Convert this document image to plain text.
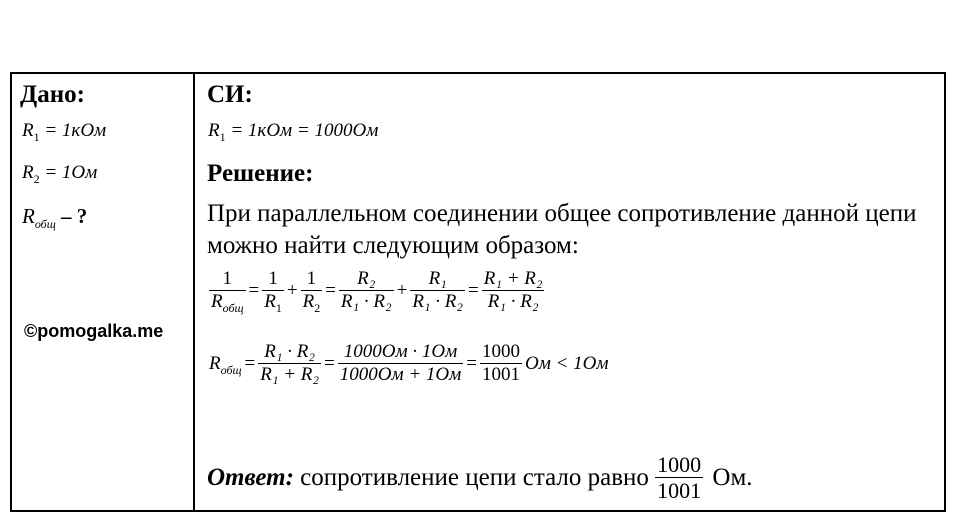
Дано:
$R_1 = 1кОм$
$R_2 = 1Ом$
$R_{общ}$ – ?
©pomogalka.me
СИ:
$R_1 = 1кОм = 1000Ом$
Решение:
При параллельном соединении общее сопротивление данной цепи можно найти следующим образом:
$\frac{1}{R_{общ}} = \frac{1}{R_1} + \frac{1}{R_2} = \frac{\text{R₂}}{\text{R₁ · R₂}} + \frac{\text{R₁}}{\text{R₁ · R₂}} = \frac{\text{R₁ + R₂}}{\text{R₁ · R₂}}$
$R_{общ} = \frac{\text{R₁ · R₂}}{\text{R₁ + R₂}} = \frac{1000Ом \cdot 1Ом}{1000Ом + 1Ом} = \frac{1000}{1001}$ Ом < 1Ом
Ответ: сопротивление цепи стало равно $\frac{1000}{1001}$ Ом.
